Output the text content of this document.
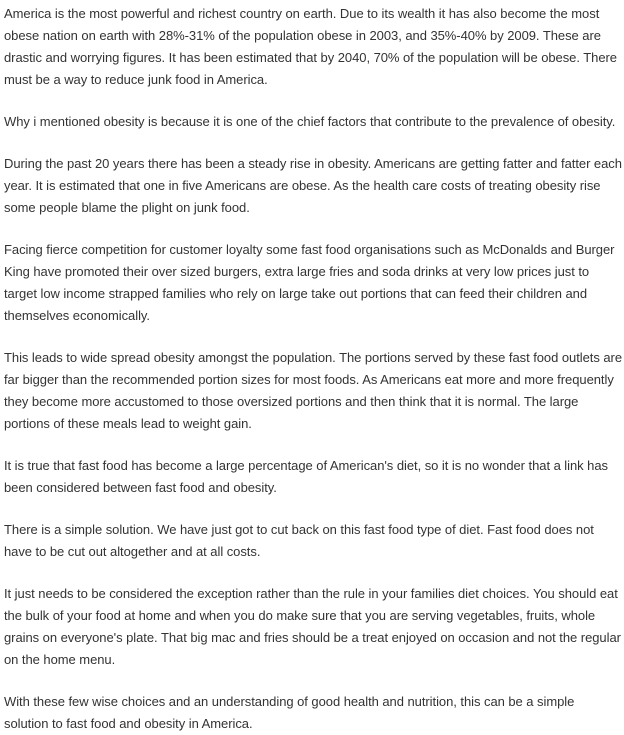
America is the most powerful and richest country on earth. Due to its wealth it has also become the most obese nation on earth with 28%-31% of the population obese in 2003, and 35%-40% by 2009. These are drastic and worrying figures. It has been estimated that by 2040, 70% of the population will be obese. There must be a way to reduce junk food in America.

Why i mentioned obesity is because it is one of the chief factors that contribute to the prevalence of obesity.

During the past 20 years there has been a steady rise in obesity. Americans are getting fatter and fatter each year. It is estimated that one in five Americans are obese. As the health care costs of treating obesity rise some people blame the plight on junk food.

Facing fierce competition for customer loyalty some fast food organisations such as McDonalds and Burger King have promoted their over sized burgers, extra large fries and soda drinks at very low prices just to target low income strapped families who rely on large take out portions that can feed their children and themselves economically.

This leads to wide spread obesity amongst the population. The portions served by these fast food outlets are far bigger than the recommended portion sizes for most foods. As Americans eat more and more frequently they become more accustomed to those oversized portions and then think that it is normal. The large portions of these meals lead to weight gain.

It is true that fast food has become a large percentage of American's diet, so it is no wonder that a link has been considered between fast food and obesity.

There is a simple solution. We have just got to cut back on this fast food type of diet. Fast food does not have to be cut out altogether and at all costs.

It just needs to be considered the exception rather than the rule in your families diet choices. You should eat the bulk of your food at home and when you do make sure that you are serving vegetables, fruits, whole grains on everyone's plate. That big mac and fries should be a treat enjoyed on occasion and not the regular on the home menu.

With these few wise choices and an understanding of good health and nutrition, this can be a simple solution to fast food and obesity in America.
